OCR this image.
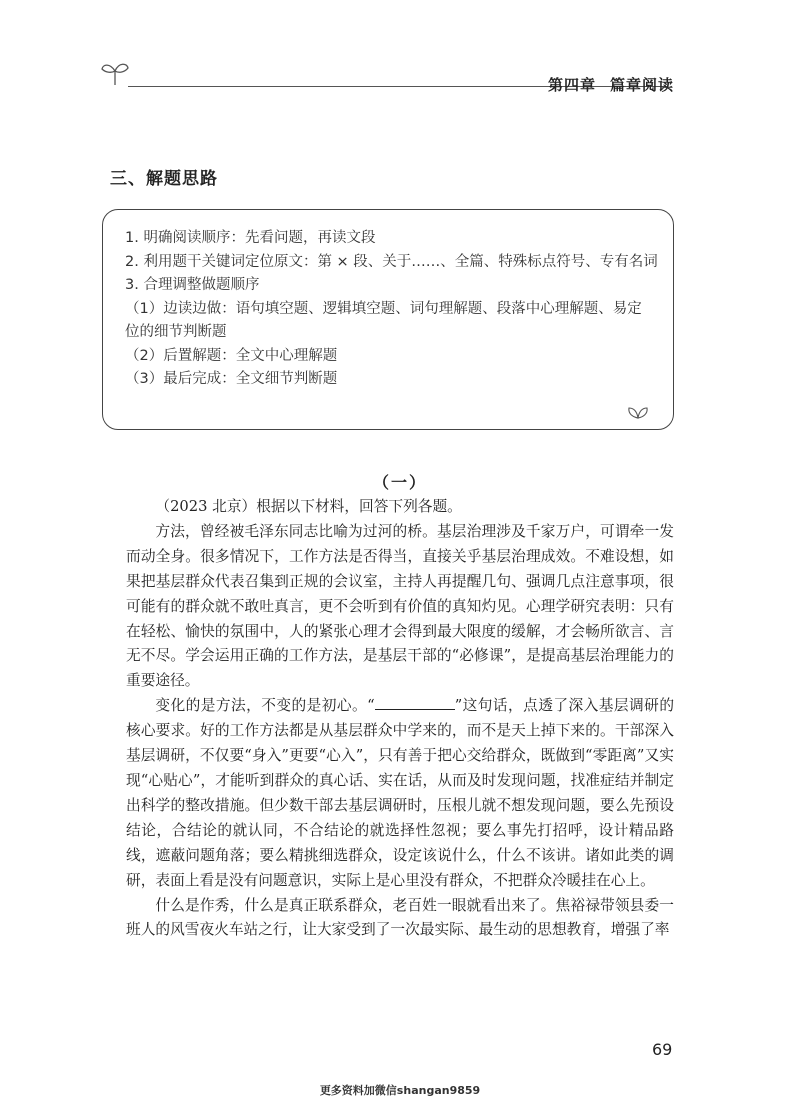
第四章 篇章阅读
三、解题思路
1. 明确阅读顺序：先看问题，再读文段
2. 利用题干关键词定位原文：第 × 段、关于……、全篇、特殊标点符号、专有名词
3. 合理调整做题顺序
（1）边读边做：语句填空题、逻辑填空题、词句理解题、段落中心理解题、易定
位的细节判断题
（2）后置解题：全文中心理解题
（3）最后完成：全文细节判断题
（一）

（2023 北京）根据以下材料，回答下列各题。

方法，曾经被毛泽东同志比喻为过河的桥。基层治理涉及千家万户，可谓牵一发而动全身。很多情况下，工作方法是否得当，直接关乎基层治理成效。不难设想，如果把基层群众代表召集到正规的会议室，主持人再提醒几句、强调几点注意事项，很可能有的群众就不敢吐真言，更不会听到有价值的真知灼见。心理学研究表明：只有在轻松、愉快的氛围中，人的紧张心理才会得到最大限度的缓解，才会畅所欲言、言无不尽。学会运用正确的工作方法，是基层干部的“必修课”，是提高基层治理能力的重要途径。

变化的是方法，不变的是初心。“	”这句话，点透了深入基层调研的核心要求。好的工作方法都是从基层群众中学来的，而不是天上掉下来的。干部深入基层调研，不仅要“身入”更要“心入”，只有善于把心交给群众，既做到“零距离”又实现“心贴心”，才能听到群众的真心话、实在话，从而及时发现问题，找准症结并制定出科学的整改措施。但少数干部去基层调研时，压根儿就不想发现问题，要么先预设结论，合结论的就认同，不合结论的就选择性忽视；要么事先打招呼，设计精品路线，遮蔽问题角落；要么精挑细选群众，设定该说什么，什么不该讲。诸如此类的调研，表面上看是没有问题意识，实际上是心里没有群众，不把群众冷暖挂在心上。

什么是作秀，什么是真正联系群众，老百姓一眼就看出来了。焦裕禄带领县委一班人的风雪夜火车站之行，让大家受到了一次最实际、最生动的思想教育，增强了率

69
更多资料加微信shangan9859
